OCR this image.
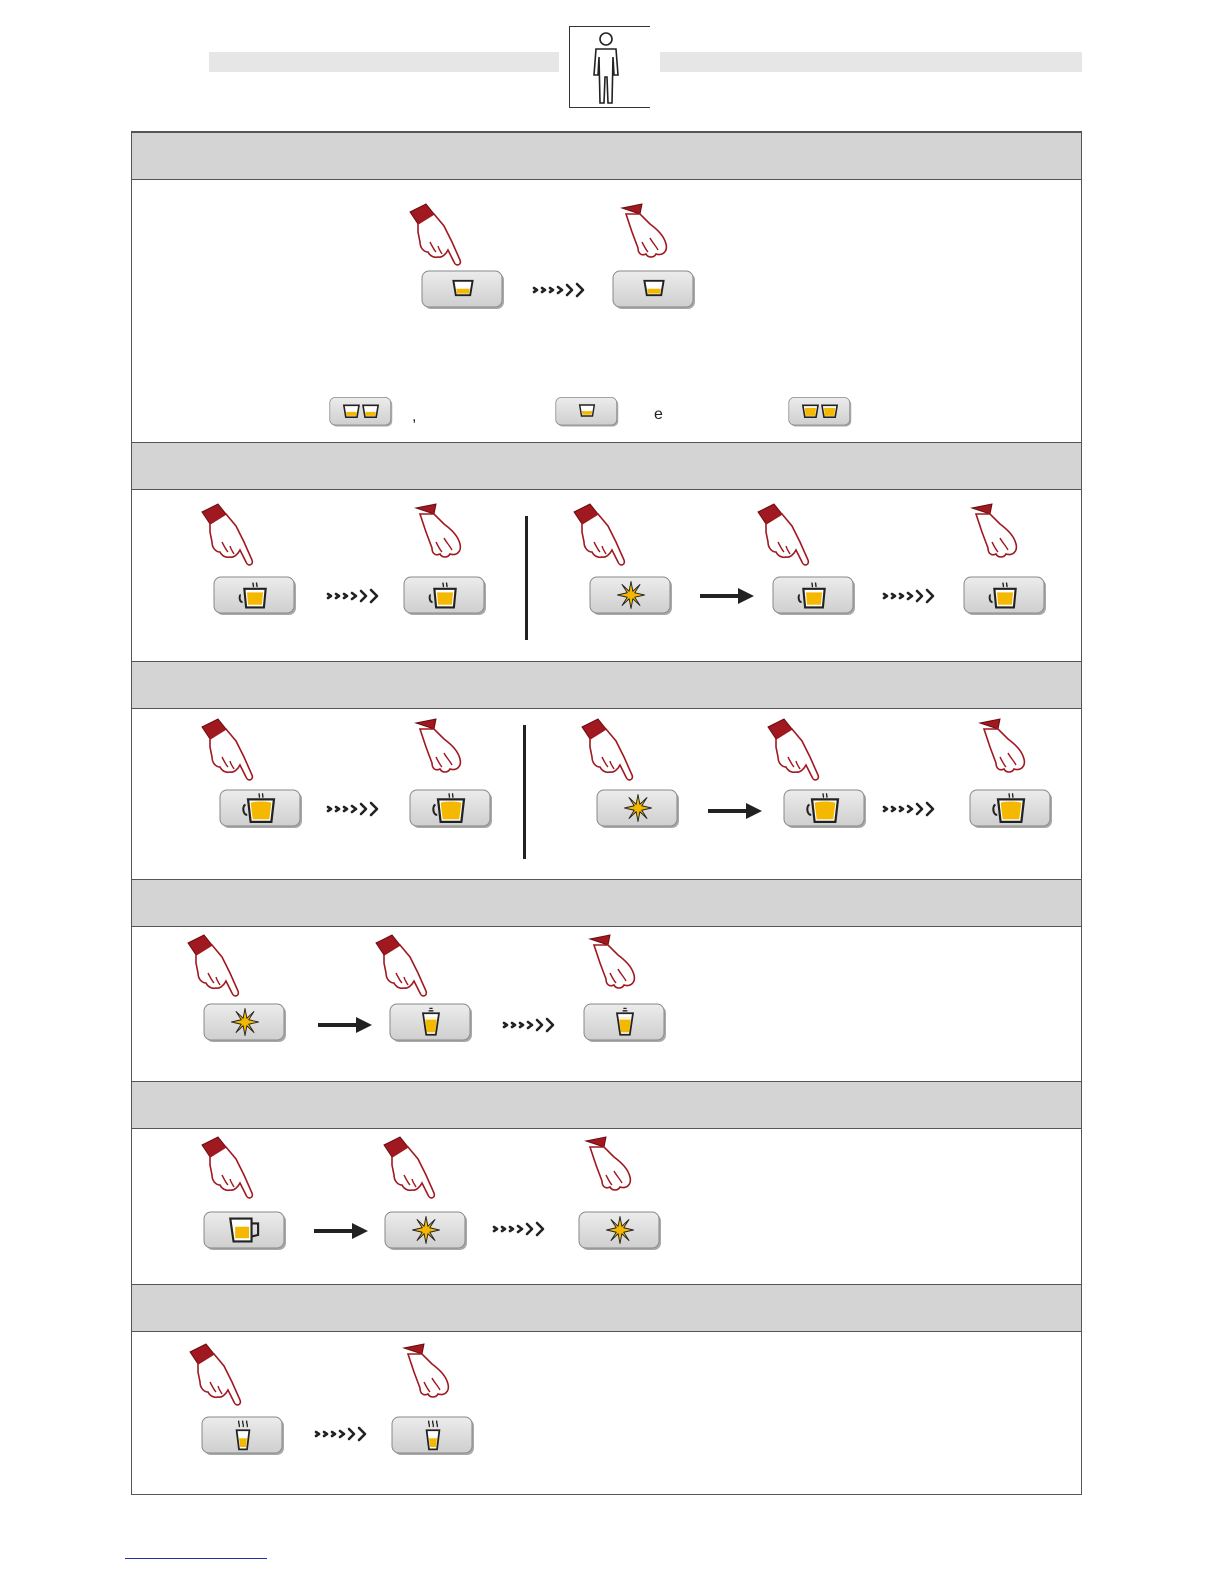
,	e
